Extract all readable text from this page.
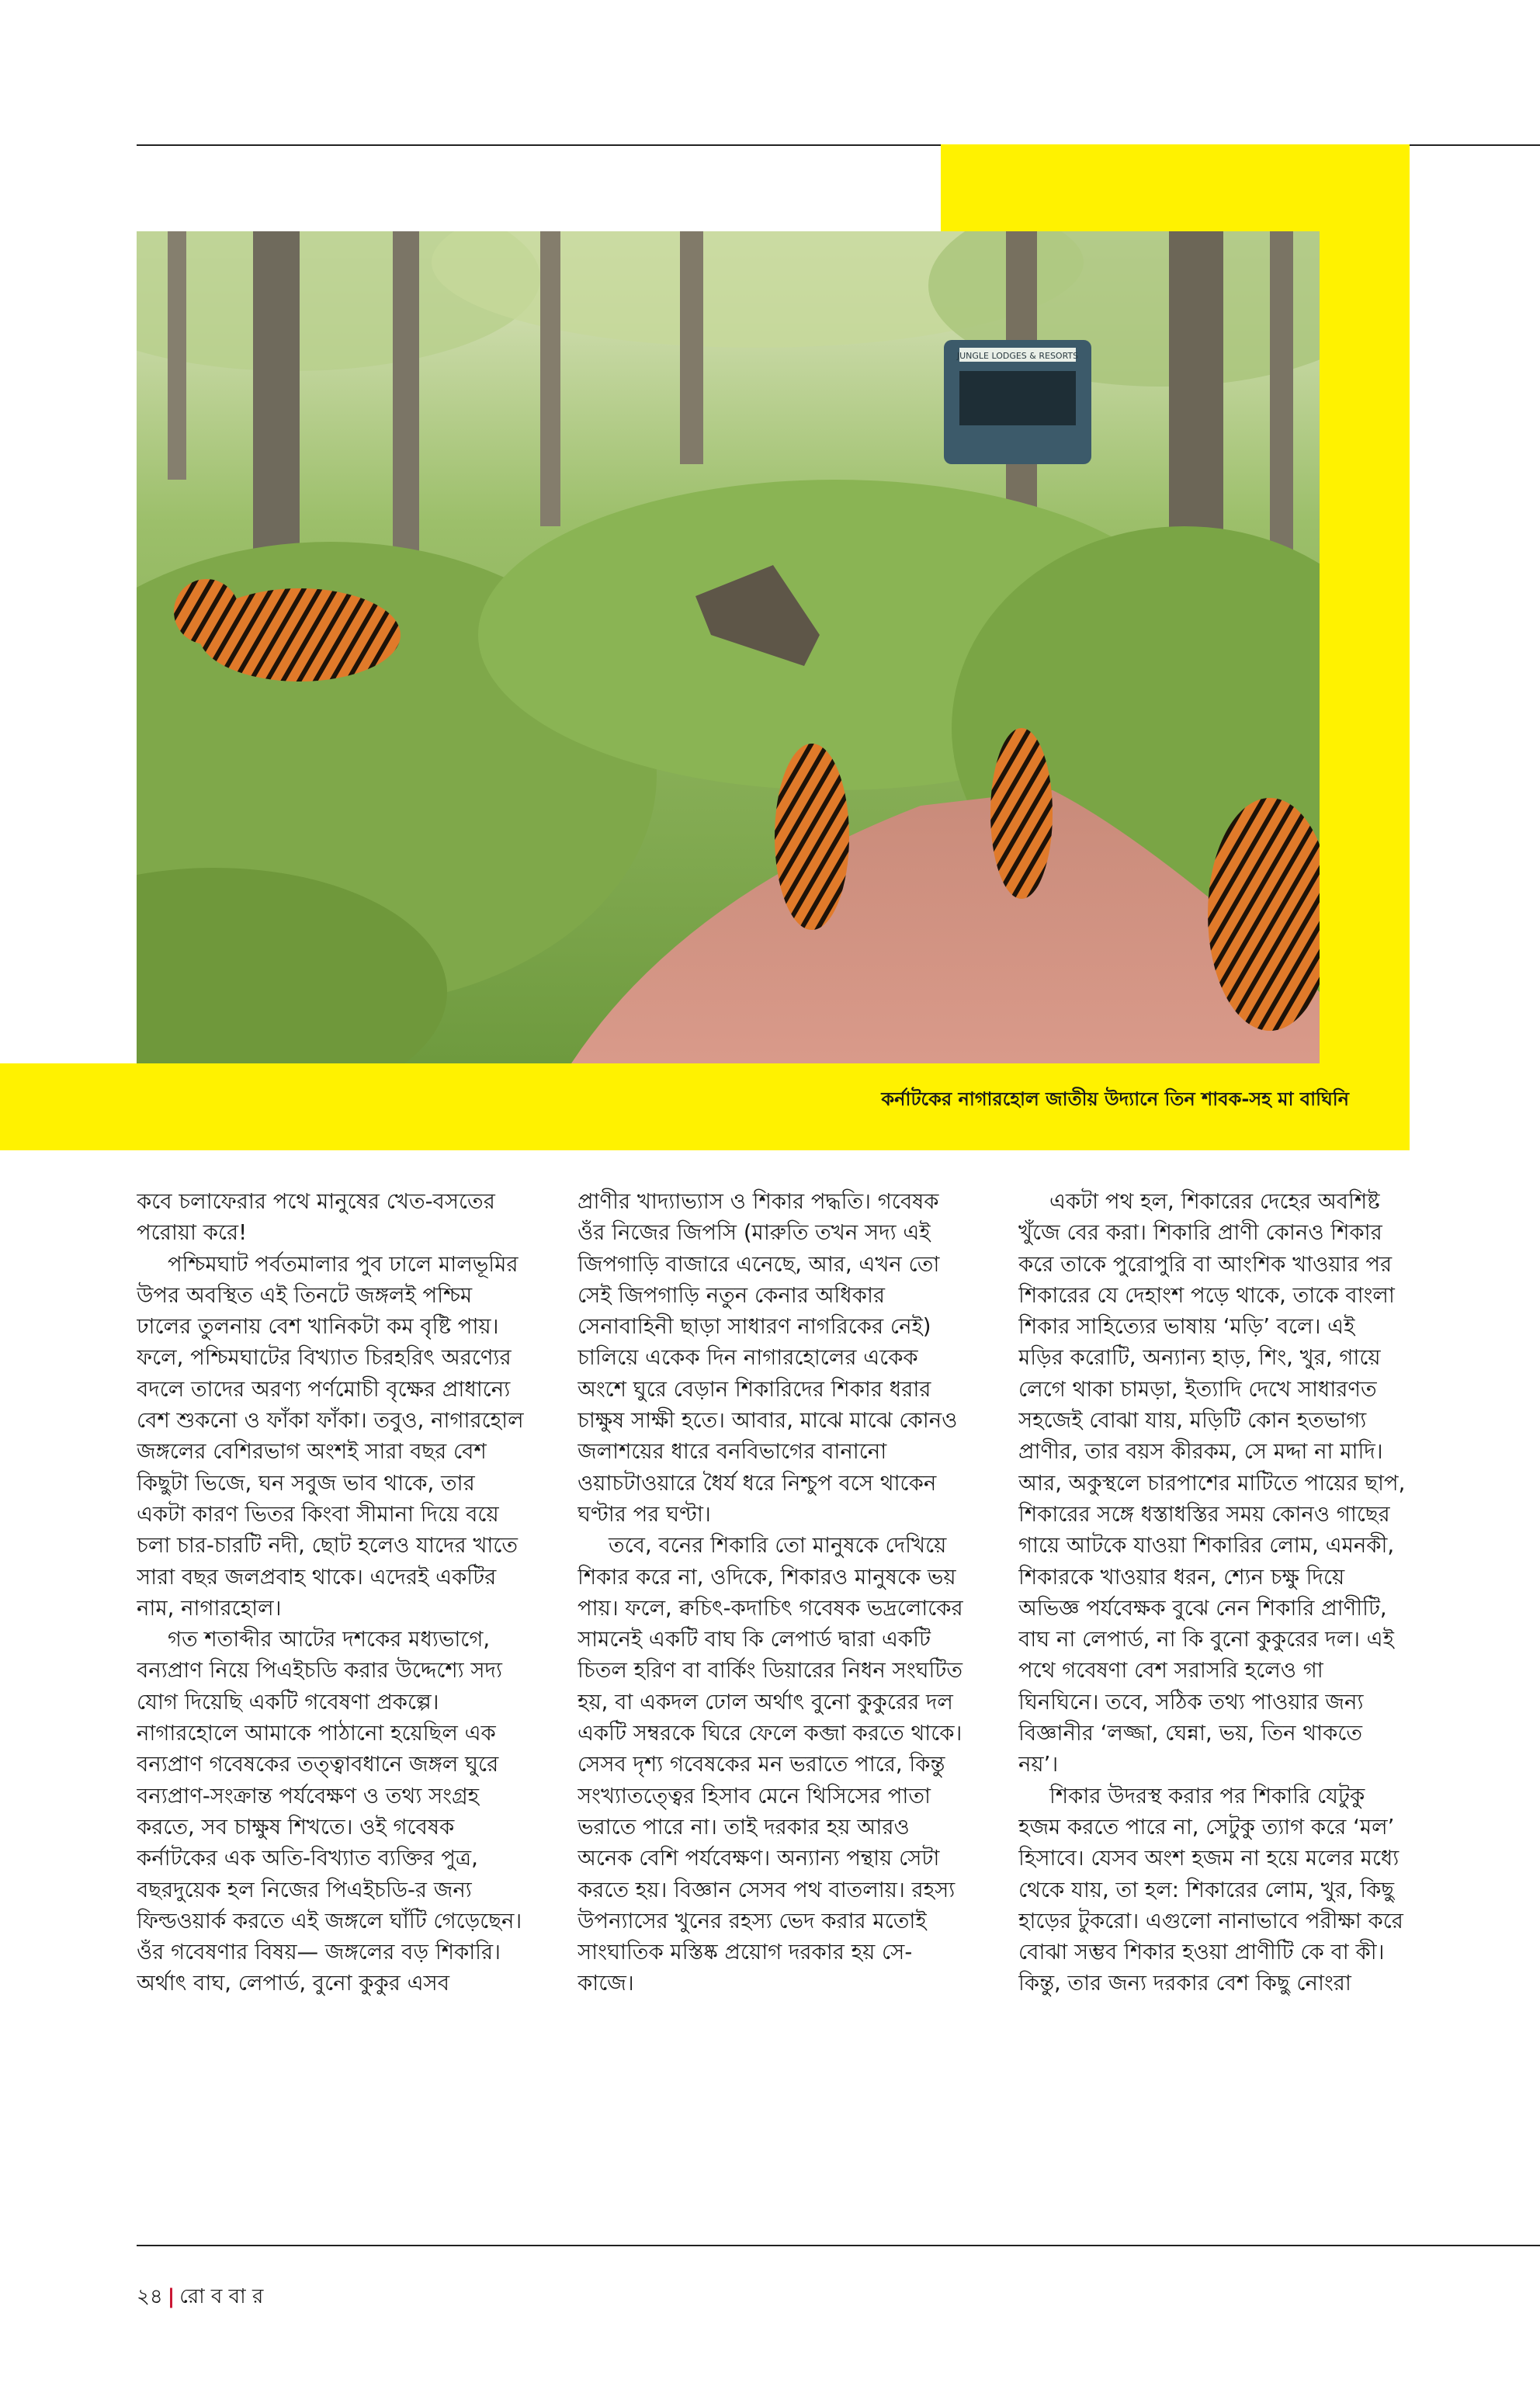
JUNGLE LODGES & RESORTS
কর্নাটকের নাগারহোল জাতীয় উদ্যানে তিন শাবক-সহ মা বাঘিনি

কবে চলাফেরার পথে মানুষের খেত-বসতের পরোয়া করে!

পশ্চিমঘাট পর্বতমালার পুব ঢালে মালভূমির উপর অবস্থিত এই তিনটে জঙ্গলই পশ্চিম ঢালের তুলনায় বেশ খানিকটা কম বৃষ্টি পায়। ফলে, পশ্চিমঘাটের বিখ্যাত চিরহরিৎ অরণ্যের বদলে তাদের অরণ্য পর্ণমোচী বৃক্ষের প্রাধান্যে বেশ শুকনো ও ফাঁকা ফাঁকা। তবুও, নাগারহোল জঙ্গলের বেশিরভাগ অংশই সারা বছর বেশ কিছুটা ভিজে, ঘন সবুজ ভাব থাকে, তার একটা কারণ ভিতর কিংবা সীমানা দিয়ে বয়ে চলা চার-চারটি নদী, ছোট হলেও যাদের খাতে সারা বছর জলপ্রবাহ থাকে। এদেরই একটির নাম, নাগারহোল।

গত শতাব্দীর আটের দশকের মধ্যভাগে, বন্যপ্রাণ নিয়ে পিএইচডি করার উদ্দেশ্যে সদ্য যোগ দিয়েছি একটি গবেষণা প্রকল্পে। নাগারহোলে আমাকে পাঠানো হয়েছিল এক বন্যপ্রাণ গবেষকের তত্ত্বাবধানে জঙ্গল ঘুরে বন্যপ্রাণ-সংক্রান্ত পর্যবেক্ষণ ও তথ্য সংগ্রহ করতে, সব চাক্ষুষ শিখতে। ওই গবেষক কর্নাটকের এক অতি-বিখ্যাত ব্যক্তির পুত্র, বছরদুয়েক হল নিজের পিএইচডি-র জন্য ফিল্ডওয়ার্ক করতে এই জঙ্গলে ঘাঁটি গেড়েছেন। ওঁর গবেষণার বিষয়— জঙ্গলের বড় শিকারি। অর্থাৎ বাঘ, লেপার্ড, বুনো কুকুর এসব

প্রাণীর খাদ্যাভ্যাস ও শিকার পদ্ধতি। গবেষক ওঁর নিজের জিপসি (মারুতি তখন সদ্য এই জিপগাড়ি বাজারে এনেছে, আর, এখন তো সেই জিপগাড়ি নতুন কেনার অধিকার সেনাবাহিনী ছাড়া সাধারণ নাগরিকের নেই) চালিয়ে একেক দিন নাগারহোলের একেক অংশে ঘুরে বেড়ান শিকারিদের শিকার ধরার চাক্ষুষ সাক্ষী হতে। আবার, মাঝে মাঝে কোনও জলাশয়ের ধারে বনবিভাগের বানানো ওয়াচটাওয়ারে ধৈর্য ধরে নিশ্চুপ বসে থাকেন ঘণ্টার পর ঘণ্টা।

তবে, বনের শিকারি তো মানুষকে দেখিয়ে শিকার করে না, ওদিকে, শিকারও মানুষকে ভয় পায়। ফলে, ক্বচিৎ-কদাচিৎ গবেষক ভদ্রলোকের সামনেই একটি বাঘ কি লেপার্ড দ্বারা একটি চিতল হরিণ বা বার্কিং ডিয়ারের নিধন সংঘটিত হয়, বা একদল ঢোল অর্থাৎ বুনো কুকুরের দল একটি সম্বরকে ঘিরে ফেলে কব্জা করতে থাকে। সেসব দৃশ্য গবেষকের মন ভরাতে পারে, কিন্তু সংখ্যাতত্ত্বের হিসাব মেনে থিসিসের পাতা ভরাতে পারে না। তাই দরকার হয় আরও অনেক বেশি পর্যবেক্ষণ। অন্যান্য পন্থায় সেটা করতে হয়। বিজ্ঞান সেসব পথ বাতলায়। রহস্য উপন্যাসের খুনের রহস্য ভেদ করার মতোই সাংঘাতিক মস্তিষ্ক প্রয়োগ দরকার হয় সে-কাজে।

একটা পথ হল, শিকারের দেহের অবশিষ্ট খুঁজে বের করা। শিকারি প্রাণী কোনও শিকার করে তাকে পুরোপুরি বা আংশিক খাওয়ার পর শিকারের যে দেহাংশ পড়ে থাকে, তাকে বাংলা শিকার সাহিত্যের ভাষায় ‘মড়ি’ বলে। এই মড়ির করোটি, অন্যান্য হাড়, শিং, খুর, গায়ে লেগে থাকা চামড়া, ইত্যাদি দেখে সাধারণত সহজেই বোঝা যায়, মড়িটি কোন হতভাগ্য প্রাণীর, তার বয়স কীরকম, সে মদ্দা না মাদি। আর, অকুস্থলে চারপাশের মাটিতে পায়ের ছাপ, শিকারের সঙ্গে ধস্তাধস্তির সময় কোনও গাছের গায়ে আটকে যাওয়া শিকারির লোম, এমনকী, শিকারকে খাওয়ার ধরন, শ্যেন চক্ষু দিয়ে অভিজ্ঞ পর্যবেক্ষক বুঝে নেন শিকারি প্রাণীটি, বাঘ না লেপার্ড, না কি বুনো কুকুরের দল। এই পথে গবেষণা বেশ সরাসরি হলেও গা ঘিনঘিনে। তবে, সঠিক তথ্য পাওয়ার জন্য বিজ্ঞানীর ‘লজ্জা, ঘেন্না, ভয়, তিন থাকতে নয়’।

শিকার উদরস্থ করার পর শিকারি যেটুকু হজম করতে পারে না, সেটুকু ত্যাগ করে ‘মল’ হিসাবে। যেসব অংশ হজম না হয়ে মলের মধ্যে থেকে যায়, তা হল: শিকারের লোম, খুর, কিছু হাড়ের টুকরো। এগুলো নানাভাবে পরীক্ষা করে বোঝা সম্ভব শিকার হওয়া প্রাণীটি কে বা কী। কিন্তু, তার জন্য দরকার বেশ কিছু নোংরা

২৪ | রো ব বা র
